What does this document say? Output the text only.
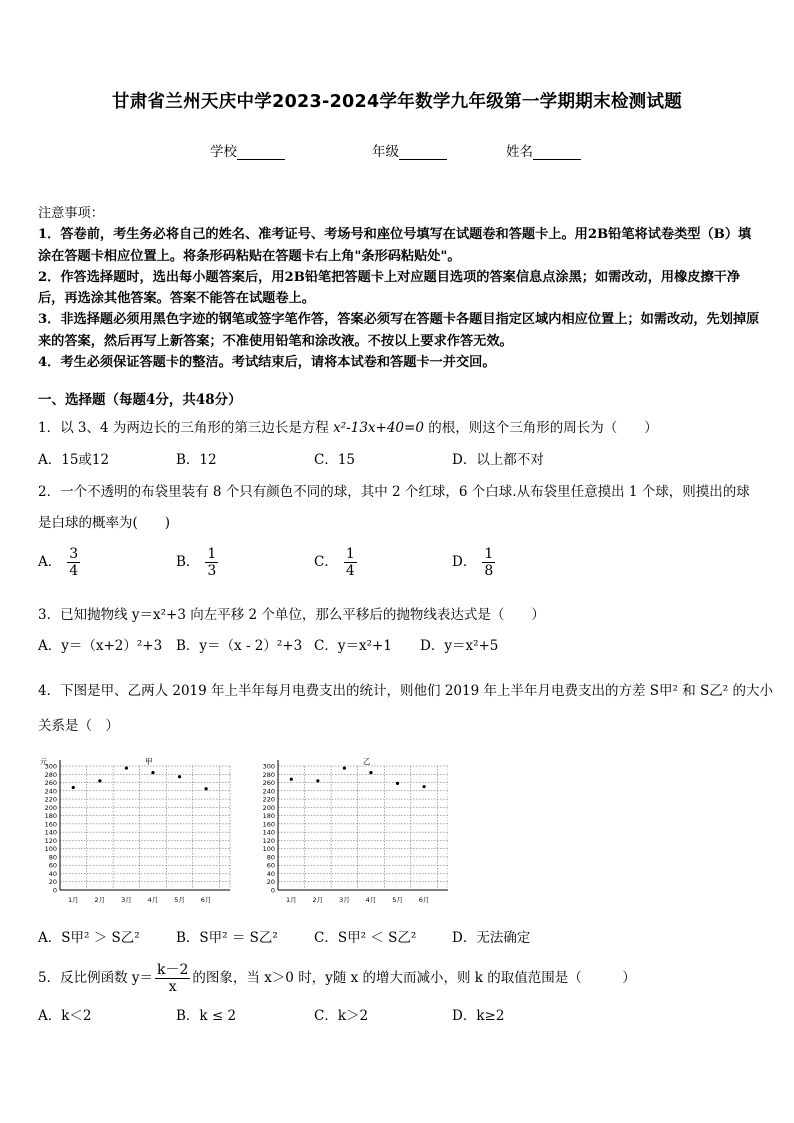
甘肃省兰州天庆中学2023-2024学年数学九年级第一学期期末检测试题
学校	年级	姓名

注意事项：

1．答卷前，考生务必将自己的姓名、准考证号、考场号和座位号填写在试题卷和答题卡上。用2B铅笔将试卷类型（B）填涂在答题卡相应位置上。将条形码粘贴在答题卡右上角"条形码粘贴处"。

2．作答选择题时，选出每小题答案后，用2B铅笔把答题卡上对应题目选项的答案信息点涂黑；如需改动，用橡皮擦干净后，再选涂其他答案。答案不能答在试题卷上。

3．非选择题必须用黑色字迹的钢笔或签字笔作答，答案必须写在答题卡各题目指定区域内相应位置上；如需改动，先划掉原来的答案，然后再写上新答案；不准使用铅笔和涂改液。不按以上要求作答无效。

4．考生必须保证答题卡的整洁。考试结束后，请将本试卷和答题卡一并交回。

一、选择题（每题4分，共48分）
1．以 3、4 为两边长的三角形的第三边长是方程 x²-13x+40=0 的根，则这个三角形的周长为（　　）
A．15或12	B．12	C．15	D．以上都不对
2．一个不透明的布袋里装有 8 个只有颜色不同的球，其中 2 个红球，6 个白球.从布袋里任意摸出 1 个球，则摸出的球
是白球的概率为(　　)
A． $\frac{3}{4}$	B． $\frac{1}{3}$	C． $\frac{1}{4}$	D． $\frac{1}{8}$
3．已知抛物线 y＝x²+3 向左平移 2 个单位，那么平移后的抛物线表达式是（　　）
A．y＝（x+2）²+3 B．y＝（x - 2）²+3 C．y＝x²+1 D．y＝x²+5
4．下图是甲、乙两人 2019 年上半年每月电费支出的统计，则他们 2019 年上半年月电费支出的方差 S甲² 和 S乙² 的大小
关系是（　）
0
20
40
60
80
100
120
140
160
180
200
220
240
260
280
300
1月 2月 3月 4月 5月 6月
元	甲
0
20
40
60
80
100
120
140
160
180
200
220
240
260
280
300
1月 2月 3月 4月 5月 6月
乙
A．S甲² ＞ S乙²	B．S甲² ＝ S乙²	C．S甲² ＜ S乙²	D．无法确定
5．反比例函数 $y= \frac{k-2}{x}$ 的图象，当 x＞0 时，y随 x 的增大而减小，则 k 的取值范围是（　　　）
A．k＜2	B．k ≤ 2	C．k＞2	D．k≥2
